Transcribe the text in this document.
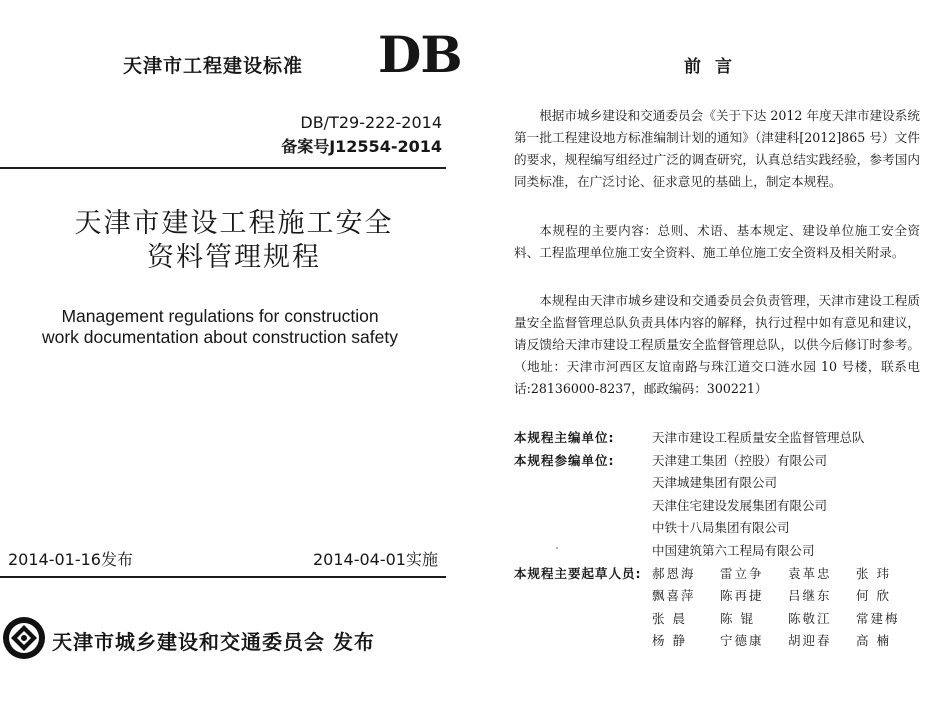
天津市工程建设标准 DB
DB/T29-222-2014
备案号J12554-2014
天津市建设工程施工安全
资料管理规程
Management regulations for construction
work documentation about construction safety
2014-01-16发布	2014-04-01实施
天津市城乡建设和交通委员会 发布
前言

根据市城乡建设和交通委员会《关于下达 2012 年度天津市建设系统第一批工程建设地方标准编制计划的通知》（津建科[2012]865 号）文件的要求，规程编写组经过广泛的调查研究，认真总结实践经验，参考国内同类标准，在广泛讨论、征求意见的基础上，制定本规程。

本规程的主要内容：总则、术语、基本规定、建设单位施工安全资料、工程监理单位施工安全资料、施工单位施工安全资料及相关附录。

本规程由天津市城乡建设和交通委员会负责管理，天津市建设工程质量安全监督管理总队负责具体内容的解释，执行过程中如有意见和建议，请反馈给天津市建设工程质量安全监督管理总队，以供今后修订时参考。（地址：天津市河西区友谊南路与珠江道交口涟水园 10 号楼，联系电话:28136000-8237，邮政编码：300221）

本规程主编单位:	天津市建设工程质量安全监督管理总队
本规程参编单位:	天津建工集团（控股）有限公司
天津城建集团有限公司
天津住宅建设发展集团有限公司
中铁十八局集团有限公司
中国建筑第六工程局有限公司
本规程主要起草人员: 郝恩海	雷立争	袁革忠	张 玮
飘喜萍	陈再捷	吕继东	何 欣
张 晨	陈 锟	陈敬江	常建梅
杨 静	宁德康	胡迎春	高 楠
